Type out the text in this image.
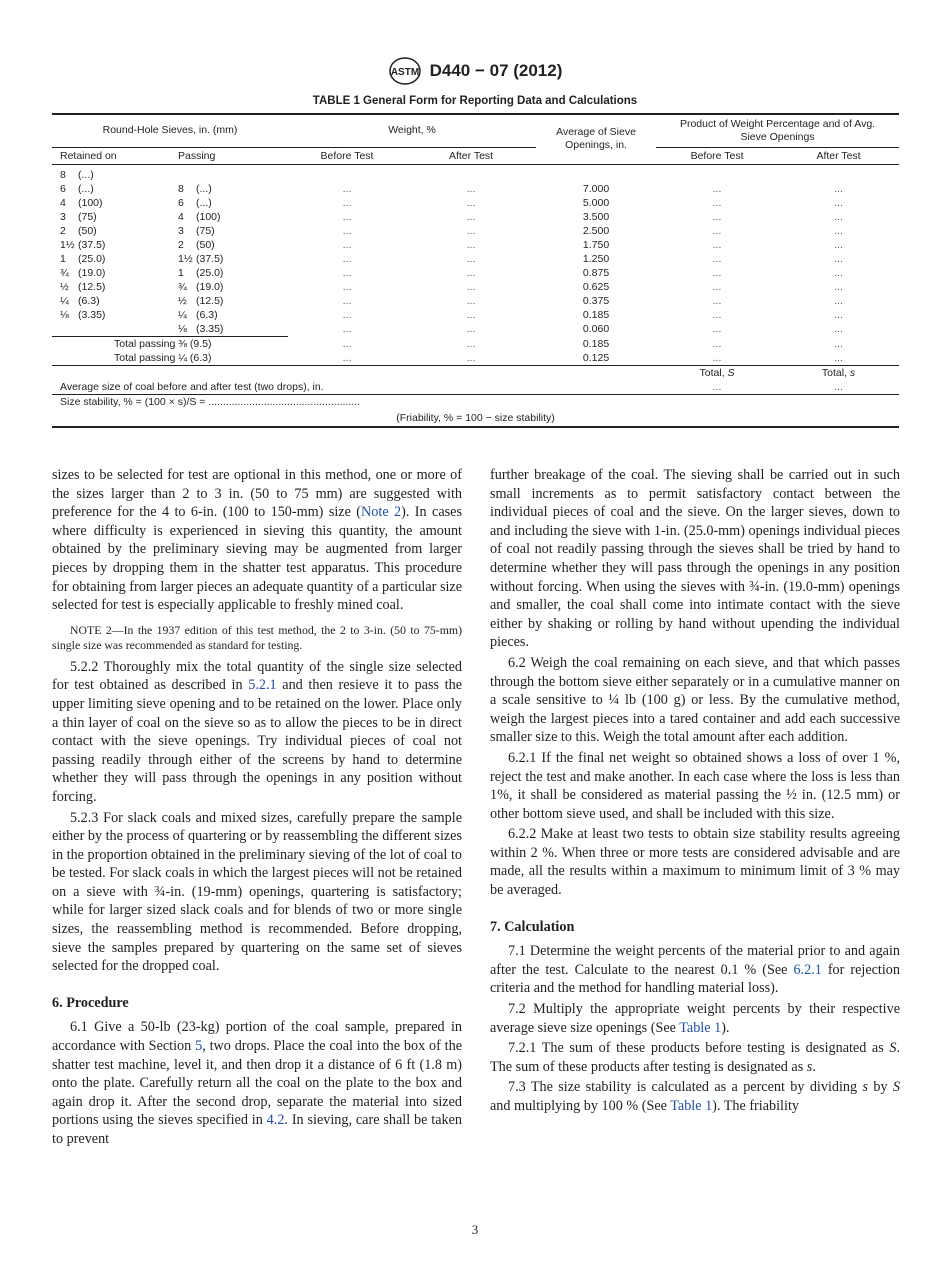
ASTM D440 − 07 (2012)
TABLE 1 General Form for Reporting Data and Calculations
Round-Hole Sieves, in. (mm)		Weight, %		Average of Sieve Openings, in.	Product of Weight Percentage and of Avg. Sieve Openings	
Retained on	Passing	Before Test	After Test		Before Test	After Test

8 (...)						
6 (...)	8 (...)	...	...	7.000	...	...
4 (100)	6 (...)	...	...	5.000	...	...
3 (75)	4 (100)	...	...	3.500	...	...
2 (50)	3 (75)	...	...	2.500	...	...
1½ (37.5)	2 (50)	...	...	1.750	...	...
1 (25.0)	1½ (37.5)	...	...	1.250	...	...
¾ (19.0)	1 (25.0)	...	...	0.875	...	...
½ (12.5)	¾ (19.0)	...	...	0.625	...	...
¼ (6.3)	½ (12.5)	...	...	0.375	...	...
⅛ (3.35)	¼ (6.3)	...	...	0.185	...	...
	⅛ (3.35)	...	...	0.060	...	...
Total passing ⅜ (9.5)		...	...	0.185	...	...
Total passing ¼ (6.3)		...	...	0.125	...	...
					Total, S	Total, s
Average size of coal before and after test (two drops), in.					...	...
Size stability, % = (100 × s)/S = ....................................................						
(Friability, % = 100 − size stability)						

sizes to be selected for test are optional in this method, one or more of the sizes larger than 2 to 3 in. (50 to 75 mm) are suggested with preference for the 4 to 6-in. (100 to 150-mm) size (Note 2). In cases where difficulty is experienced in sieving this quantity, the amount obtained by the preliminary sieving may be augmented from larger pieces by dropping them in the shatter test apparatus. This procedure for obtaining from larger pieces an adequate quantity of a particular size selected for test is especially applicable to freshly mined coal.

NOTE 2—In the 1937 edition of this test method, the 2 to 3-in. (50 to 75-mm) single size was recommended as standard for testing.

5.2.2 Thoroughly mix the total quantity of the single size selected for test obtained as described in 5.2.1 and then resieve it to pass the upper limiting sieve opening and to be retained on the lower. Place only a thin layer of coal on the sieve so as to allow the pieces to be in direct contact with the sieve openings. Try individual pieces of coal not passing readily through either of the screens by hand to determine whether they will pass through the openings in any position without forcing.

5.2.3 For slack coals and mixed sizes, carefully prepare the sample either by the process of quartering or by reassembling the different sizes in the proportion obtained in the preliminary sieving of the lot of coal to be tested. For slack coals in which the largest pieces will not be retained on a sieve with ¾-in. (19-mm) openings, quartering is satisfactory; while for larger sized slack coals and for blends of two or more single sizes, the reassembling method is recommended. Before dropping, sieve the samples prepared by quartering on the same set of sieves selected for the dropped coal.

6. Procedure

6.1 Give a 50-lb (23-kg) portion of the coal sample, prepared in accordance with Section 5, two drops. Place the coal into the box of the shatter test machine, level it, and then drop it a distance of 6 ft (1.8 m) onto the plate. Carefully return all the coal on the plate to the box and again drop it. After the second drop, separate the material into sized portions using the sieves specified in 4.2. In sieving, care shall be taken to prevent

further breakage of the coal. The sieving shall be carried out in such small increments as to permit satisfactory contact between the individual pieces of coal and the sieve. On the larger sieves, down to and including the sieve with 1-in. (25.0-mm) openings individual pieces of coal not readily passing through the sieves shall be tried by hand to determine whether they will pass through the openings in any position without forcing. When using the sieves with ¾-in. (19.0-mm) openings and smaller, the coal shall come into intimate contact with the sieve either by shaking or rolling by hand without upending the individual pieces.

6.2 Weigh the coal remaining on each sieve, and that which passes through the bottom sieve either separately or in a cumulative manner on a scale sensitive to ¼ lb (100 g) or less. By the cumulative method, weigh the largest pieces into a tared container and add each successive smaller size to this. Weigh the total amount after each addition.

6.2.1 If the final net weight so obtained shows a loss of over 1 %, reject the test and make another. In each case where the loss is less than 1%, it shall be considered as material passing the ½ in. (12.5 mm) or other bottom sieve used, and shall be included with this size.

6.2.2 Make at least two tests to obtain size stability results agreeing within 2 %. When three or more tests are considered advisable and are made, all the results within a maximum to minimum limit of 3 % may be averaged.

7. Calculation

7.1 Determine the weight percents of the material prior to and again after the test. Calculate to the nearest 0.1 % (See 6.2.1 for rejection criteria and the method for handling material loss).

7.2 Multiply the appropriate weight percents by their respective average sieve size openings (See Table 1).

7.2.1 The sum of these products before testing is designated as S. The sum of these products after testing is designated as s.

7.3 The size stability is calculated as a percent by dividing s by S and multiplying by 100 % (See Table 1). The friability

3
